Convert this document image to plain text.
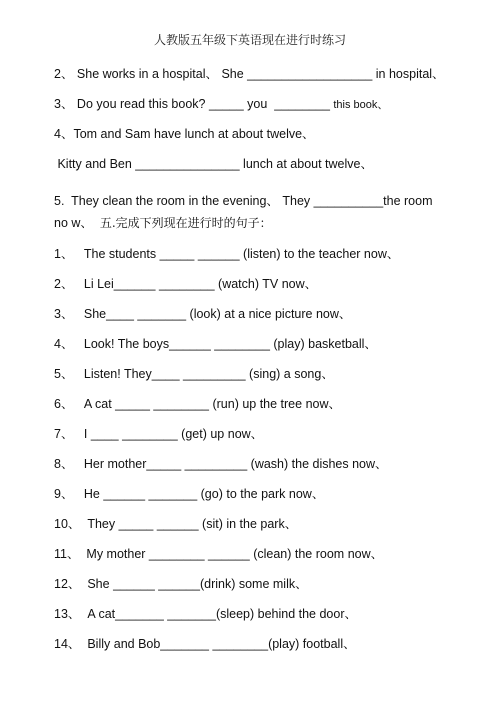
人教版五年级下英语现在进行时练习
2、 She works in a hospital、 She __________________ in hospital、
3、 Do you read this book? _____ you  ________ this book、
4、Tom and Sam have lunch at about twelve、
Kitty and Ben _______________ lunch at about twelve、
5.  They clean the room in the evening、 They __________the room
no w、  五.完成下列现在进行时的句子：
1、   The students _____ ______ (listen) to the teacher now、
2、   Li Lei______ ________ (watch) TV now、
3、   She____ _______ (look) at a nice picture now、
4、   Look! The boys______ ________ (play) basketball、
5、   Listen! They____ _________ (sing) a song、
6、   A cat _____ ________ (run) up the tree now、
7、   I ____ ________ (get) up now、
8、   Her mother_____ _________ (wash) the dishes now、
9、   He ______ _______ (go) to the park now、
10、  They _____ ______ (sit) in the park、
11、  My mother ________ ______ (clean) the room now、
12、  She ______ ______(drink) some milk、
13、  A cat_______ _______(sleep) behind the door、
14、  Billy and Bob_______ ________(play) football、
